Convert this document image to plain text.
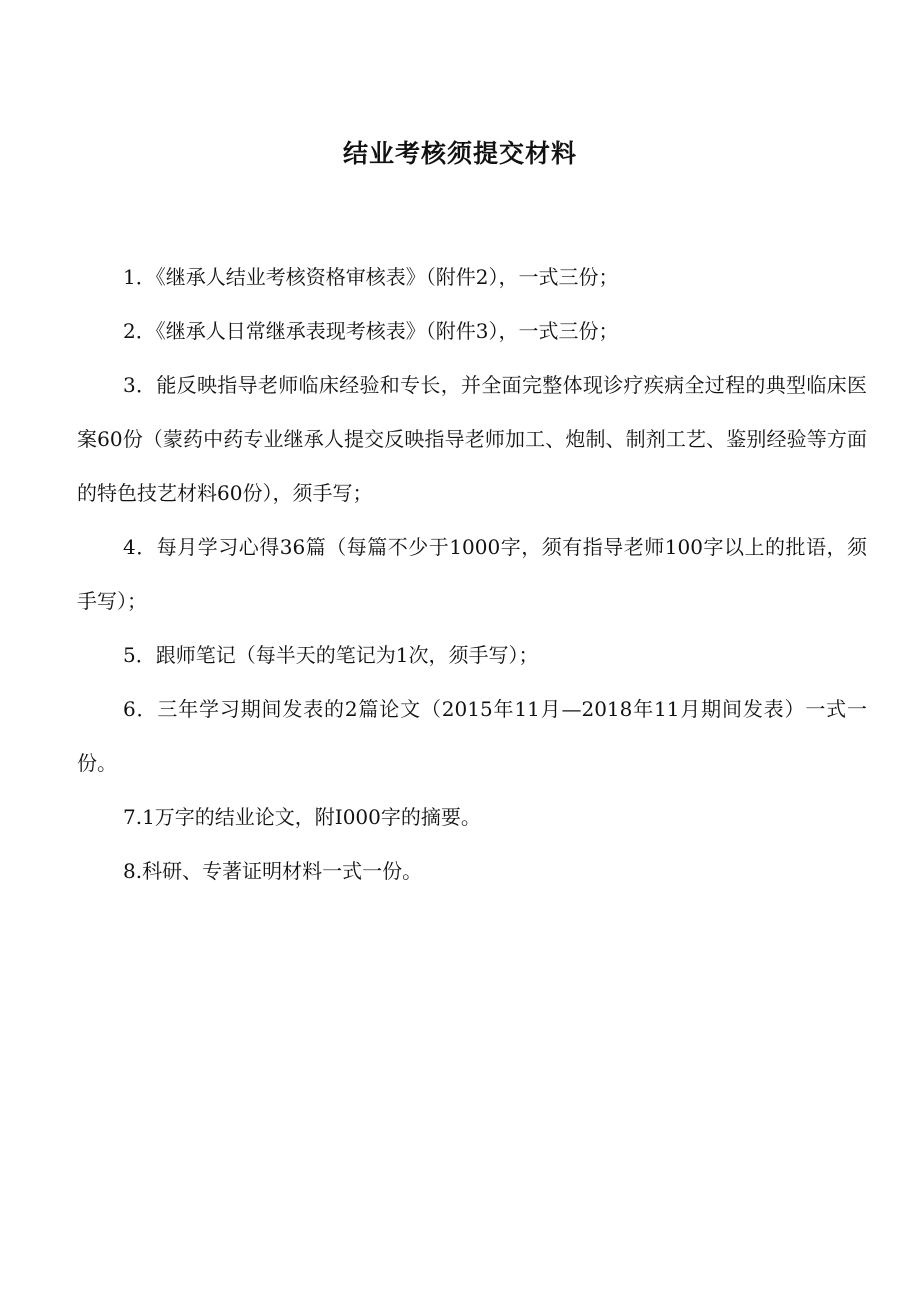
结业考核须提交材料

1．《继承人结业考核资格审核表》（附件2），一式三份；

2．《继承人日常继承表现考核表》（附件3），一式三份；

3．能反映指导老师临床经验和专长，并全面完整体现诊疗疾病全过程的典型临床医案60份（蒙药中药专业继承人提交反映指导老师加工、炮制、制剂工艺、鉴别经验等方面的特色技艺材料60份），须手写；

4．每月学习心得36篇（每篇不少于1000字，须有指导老师100字以上的批语，须手写）；

5．跟师笔记（每半天的笔记为1次，须手写）；

6．三年学习期间发表的2篇论文（2015年11月—2018年11月期间发表）一式一份。

7.1万字的结业论文，附I000字的摘要。

8.科研、专著证明材料一式一份。
